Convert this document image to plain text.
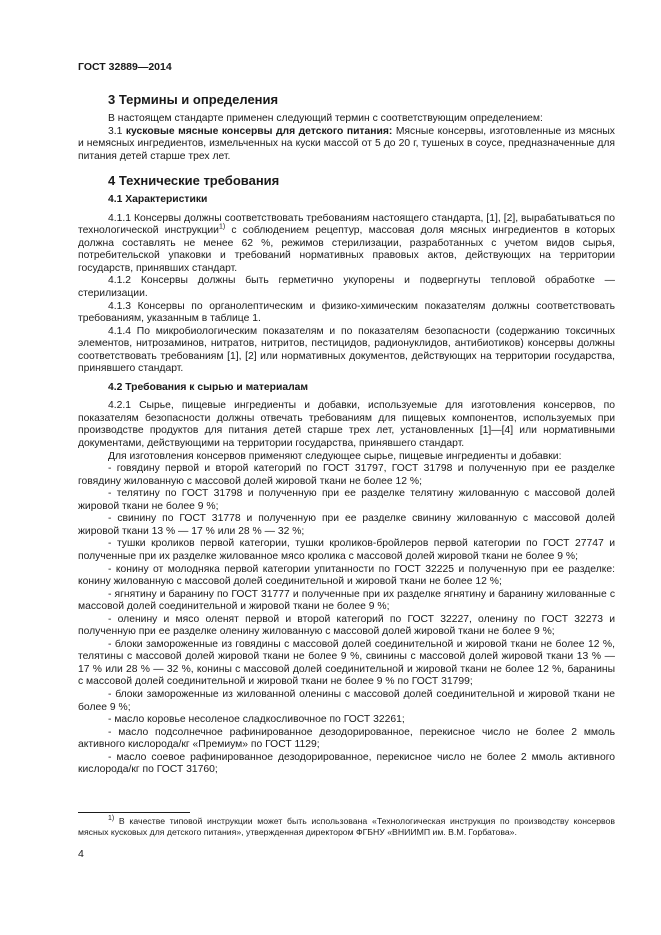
ГОСТ 32889—2014
3 Термины и определения

В настоящем стандарте применен следующий термин с соответствующим определением:

3.1 кусковые мясные консервы для детского питания: Мясные консервы, изготовленные из мясных и немясных ингредиентов, измельченных на куски массой от 5 до 20 г, тушеных в соусе, предназначенные для питания детей старше трех лет.

4 Технические требования
4.1 Характеристики

4.1.1 Консервы должны соответствовать требованиям настоящего стандарта, [1], [2], вырабатываться по технологической инструкции$^{1)}$ с соблюдением рецептур, массовая доля мясных ингредиентов в которых должна составлять не менее 62 %, режимов стерилизации, разработанных с учетом видов сырья, потребительской упаковки и требований нормативных правовых актов, действующих на территории государств, принявших стандарт.

4.1.2 Консервы должны быть герметично укупорены и подвергнуты тепловой обработке — стерилизации.

4.1.3 Консервы по органолептическим и физико-химическим показателям должны соответствовать требованиям, указанным в таблице 1.

4.1.4 По микробиологическим показателям и по показателям безопасности (содержанию токсичных элементов, нитрозаминов, нитратов, нитритов, пестицидов, радионуклидов, антибиотиков) консервы должны соответствовать требованиям [1], [2] или нормативных документов, действующих на территории государства, принявшего стандарт.

4.2 Требования к сырью и материалам

4.2.1 Сырье, пищевые ингредиенты и добавки, используемые для изготовления консервов, по показателям безопасности должны отвечать требованиям для пищевых компонентов, используемых при производстве продуктов для питания детей старше трех лет, установленных [1]—[4] или нормативными документами, действующими на территории государства, принявшего стандарт.

Для изготовления консервов применяют следующее сырье, пищевые ингредиенты и добавки:

- говядину первой и второй категорий по ГОСТ 31797, ГОСТ 31798 и полученную при ее разделке говядину жилованную с массовой долей жировой ткани не более 12 %;

- телятину по ГОСТ 31798 и полученную при ее разделке телятину жилованную с массовой долей жировой ткани не более 9 %;

- свинину по ГОСТ 31778 и полученную при ее разделке свинину жилованную с массовой долей жировой ткани 13 % — 17 % или 28 % — 32 %;

- тушки кроликов первой категории, тушки кроликов-бройлеров первой категории по ГОСТ 27747 и полученные при их разделке жилованное мясо кролика с массовой долей жировой ткани не более 9 %;

- конину от молодняка первой категории упитанности по ГОСТ 32225 и полученную при ее разделке: конину жилованную с массовой долей соединительной и жировой ткани не более 12 %;

- ягнятину и баранину по ГОСТ 31777 и полученные при их разделке ягнятину и баранину жилованные с массовой долей соединительной и жировой ткани не более 9 %;

- оленину и мясо оленят первой и второй категорий по ГОСТ 32227, оленину по ГОСТ 32273 и полученную при ее разделке оленину жилованную с массовой долей жировой ткани не более 9 %;

- блоки замороженные из говядины с массовой долей соединительной и жировой ткани не более 12 %, телятины с массовой долей жировой ткани не более 9 %, свинины с массовой долей жировой ткани 13 % — 17 % или 28 % — 32 %, конины с массовой долей соединительной и жировой ткани не более 12 %, баранины с массовой долей соединительной и жировой ткани не более 9 % по ГОСТ 31799;

- блоки замороженные из жилованной оленины с массовой долей соединительной и жировой ткани не более 9 %;

- масло коровье несоленое сладкосливочное по ГОСТ 32261;

- масло подсолнечное рафинированное дезодорированное, перекисное число не более 2 ммоль активного кислорода/кг «Премиум» по ГОСТ 1129;

- масло соевое рафинированное дезодорированное, перекисное число не более 2 ммоль активного кислорода/кг по ГОСТ 31760;

$^{1)}$ В качестве типовой инструкции может быть использована «Технологическая инструкция по производству консервов мясных кусковых для детского питания», утвержденная директором ФГБНУ «ВНИИМП им. В.М. Горбатова».
4
